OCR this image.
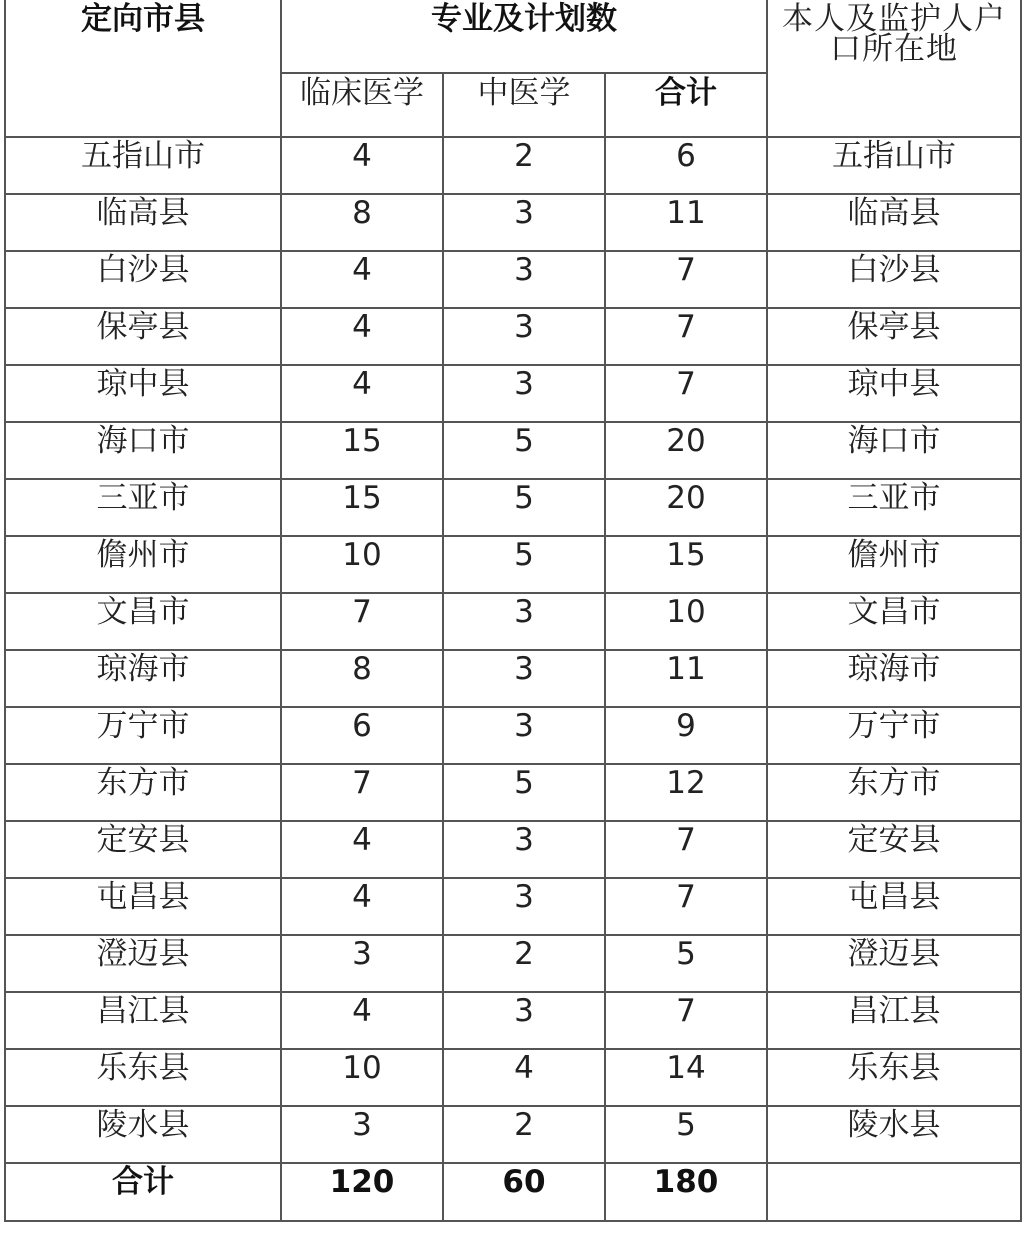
定向市县	专业及计划数			本人及监护人户口所在地

	临床医学	中医学	合计	

五指山市	4	2	6	五指山市

临高县	8	3	11	临高县

白沙县	4	3	7	白沙县

保亭县	4	3	7	保亭县

琼中县	4	3	7	琼中县

海口市	15	5	20	海口市

三亚市	15	5	20	三亚市

儋州市	10	5	15	儋州市

文昌市	7	3	10	文昌市

琼海市	8	3	11	琼海市

万宁市	6	3	9	万宁市

东方市	7	5	12	东方市

定安县	4	3	7	定安县

屯昌县	4	3	7	屯昌县

澄迈县	3	2	5	澄迈县

昌江县	4	3	7	昌江县

乐东县	10	4	14	乐东县

陵水县	3	2	5	陵水县

合计	120	60	180	
